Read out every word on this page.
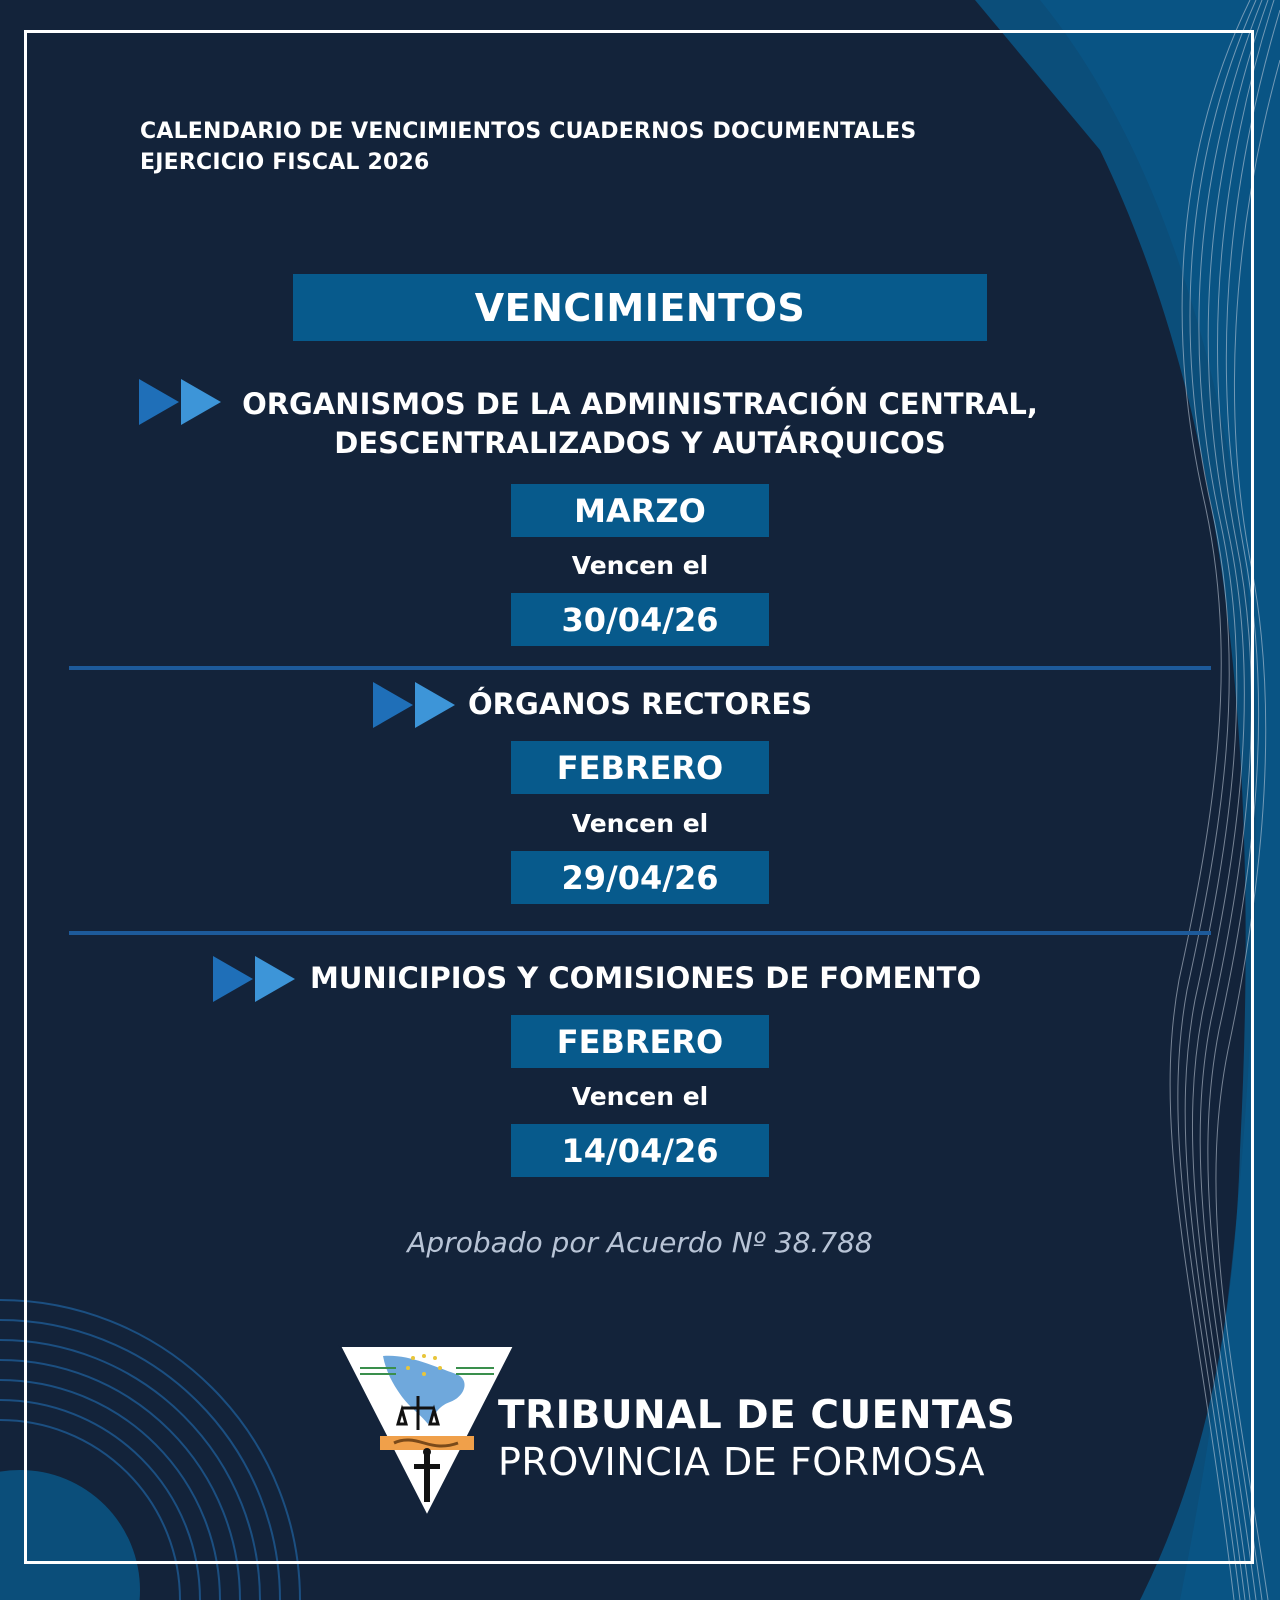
CALENDARIO DE VENCIMIENTOS CUADERNOS DOCUMENTALES
EJERCICIO FISCAL 2026
VENCIMIENTOS
ORGANISMOS DE LA ADMINISTRACIÓN CENTRAL,
DESCENTRALIZADOS Y AUTÁRQUICOS
MARZO
Vencen el
30/04/26
ÓRGANOS RECTORES
FEBRERO
Vencen el
29/04/26
MUNICIPIOS Y COMISIONES DE FOMENTO
FEBRERO
Vencen el
14/04/26
Aprobado por Acuerdo Nº 38.788
TRIBUNAL DE CUENTAS
PROVINCIA DE FORMOSA
